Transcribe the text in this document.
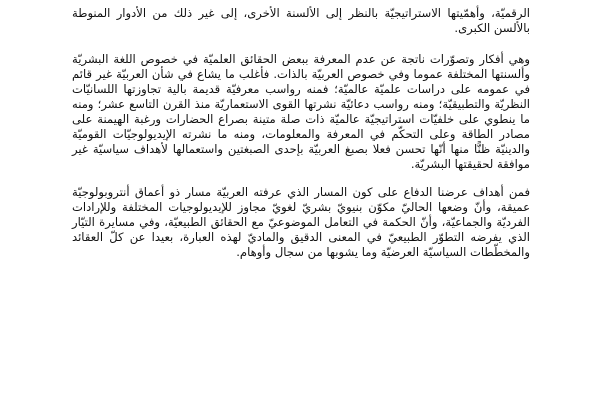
الرقميّة، وأهمّيتها الاستراتيجيّة بالنظر إلى الألسنة الأخرى، إلى غير ذلك من الأدوار المنوطة بالألسن الكبرى.

وهي أفكار وتصوّرات ناتجة عن عدم المعرفة ببعض الحقائق العلميّة في خصوص اللغة البشريّة وألسنتها المختلفة عموما وفي خصوص العربيّة بالذات. فأغلب ما يشاع في شأن العربيّة غير قائم في عمومه على دراسات علميّة عالميّة؛ فمنه رواسب معرفيّة قديمة بالية تجاوزتها اللسانيّات النظريّة والتطبيقيّة؛ ومنه رواسب دعائيّة نشرتها القوى الاستعماريّة منذ القرن التاسع عشر؛ ومنه ما ينطوي على خلفيّات استراتيجيّة عالميّة ذات صلة متينة بصراع الحضارات ورغبة الهيمنة على مصادر الطاقة وعلى التحكّم في المعرفة والمعلومات، ومنه ما نشرته الإيديولوجيّات القوميّة والدينيّة ظنًّا منها أنّها تحسن فعلا بصبغ العربيّة بإحدى الصبغتين واستعمالها لأهداف سياسيّة غير موافقة لحقيقتها البشريّة.

فمن أهداف عرضنا الدفاع على كون المسار الذي عرفته العربيّة مسار ذو أعماق أنتروبولوجيّة عميقة، وأنّ وضعها الحاليّ مكوّن بنيويّ بشريّ لغويّ مجاوز للإيديولوجيات المختلفة وللإرادات الفرديّة والجماعيّة، وأنّ الحكمة في التعامل الموضوعيّ مع الحقائق الطبيعيّة، وفي مسايرة التيّار الذي يفرضه التطوّر الطبيعيّ في المعنى الدقيق والماديّ لهذه العبارة، بعيدا عن كلّ العقائد والمخطّطات السياسيّة العرضيّة وما يشوبها من سجال وأوهام.
